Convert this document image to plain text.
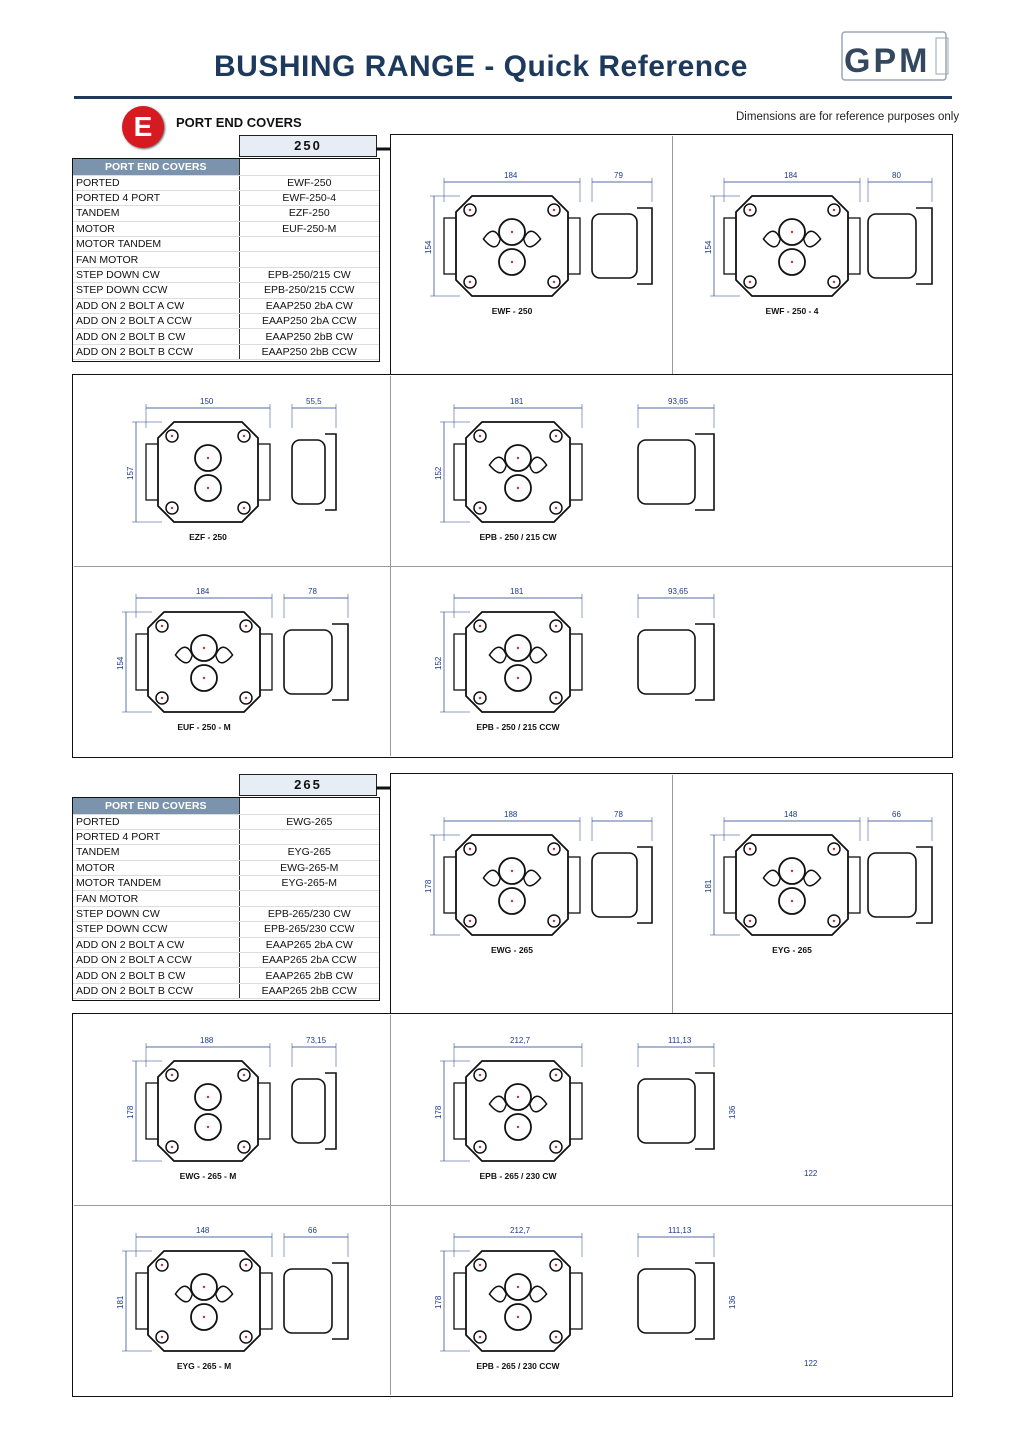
BUSHING RANGE - Quick Reference	GPM
E	PORT END COVERS	Dimensions are for reference purposes only
250
PORT END COVERS	
PORTED	EWF-250
PORTED 4 PORT	EWF-250-4
TANDEM	EZF-250
MOTOR	EUF-250-M
MOTOR TANDEM	
FAN MOTOR	
STEP DOWN CW	EPB-250/215 CW
STEP DOWN CCW	EPB-250/215 CCW
ADD ON 2 BOLT A CW	EAAP250 2bA CW
ADD ON 2 BOLT A CCW	EAAP250 2bA CCW
ADD ON 2 BOLT B CW	EAAP250 2bB CW
ADD ON 2 BOLT B CCW	EAAP250 2bB CCW
265
PORT END COVERS	
PORTED	EWG-265
PORTED 4 PORT	
TANDEM	EYG-265
MOTOR	EWG-265-M
MOTOR TANDEM	EYG-265-M
FAN MOTOR	
STEP DOWN CW	EPB-265/230 CW
STEP DOWN CCW	EPB-265/230 CCW
ADD ON 2 BOLT A CW	EAAP265 2bA CW
ADD ON 2 BOLT A CCW	EAAP265 2bA CCW
ADD ON 2 BOLT B CW	EAAP265 2bB CW
ADD ON 2 BOLT B CCW	EAAP265 2bB CCW
184	79
154
EWF - 250
184	80
154
EWF - 250 - 4
150	55,5
157
EZF - 250
181	93,65
152
EPB - 250 / 215 CW
184	78
154
EUF - 250 - M
181	93,65
152
EPB - 250 / 215 CCW
188	78
178
EWG - 265
148	66
181
EYG - 265
188	73,15
178
EWG - 265 - M
212,7	111,13
178	136
122
EPB - 265 / 230 CW
148	66
181
EYG - 265 - M
212,7	111,13
178	136
122
EPB - 265 / 230 CCW
